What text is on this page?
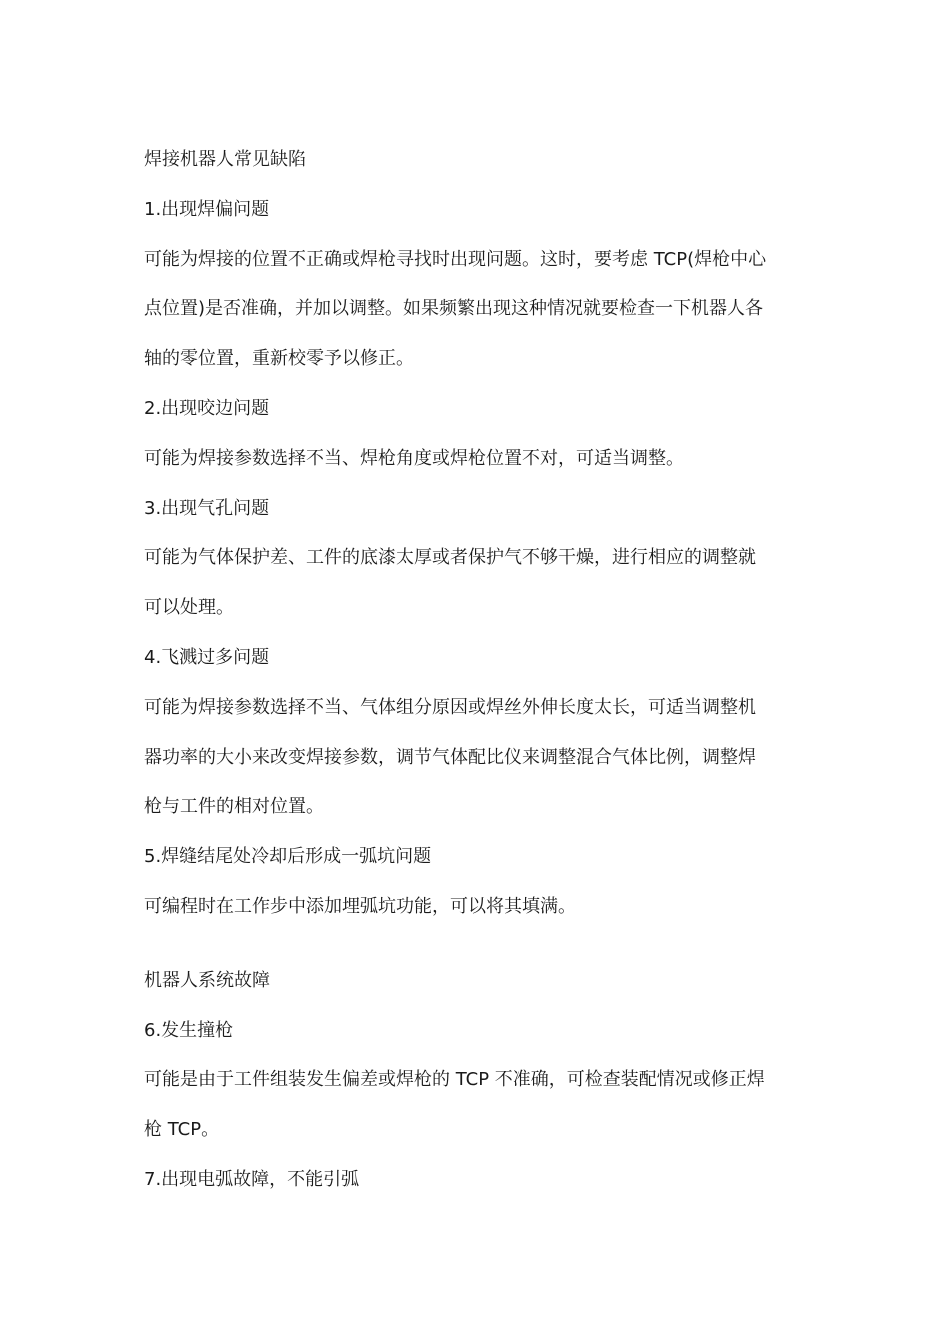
焊接机器人常见缺陷

1.出现焊偏问题

可能为焊接的位置不正确或焊枪寻找时出现问题。这时，要考虑 TCP(焊枪中心

点位置)是否准确，并加以调整。如果频繁出现这种情况就要检查一下机器人各

轴的零位置，重新校零予以修正。

2.出现咬边问题

可能为焊接参数选择不当、焊枪角度或焊枪位置不对，可适当调整。

3.出现气孔问题

可能为气体保护差、工件的底漆太厚或者保护气不够干燥，进行相应的调整就

可以处理。

4.飞溅过多问题

可能为焊接参数选择不当、气体组分原因或焊丝外伸长度太长，可适当调整机

器功率的大小来改变焊接参数，调节气体配比仪来调整混合气体比例，调整焊

枪与工件的相对位置。

5.焊缝结尾处冷却后形成一弧坑问题

可编程时在工作步中添加埋弧坑功能，可以将其填满。

机器人系统故障

6.发生撞枪

可能是由于工件组装发生偏差或焊枪的 TCP 不准确，可检查装配情况或修正焊

枪 TCP。

7.出现电弧故障，不能引弧
